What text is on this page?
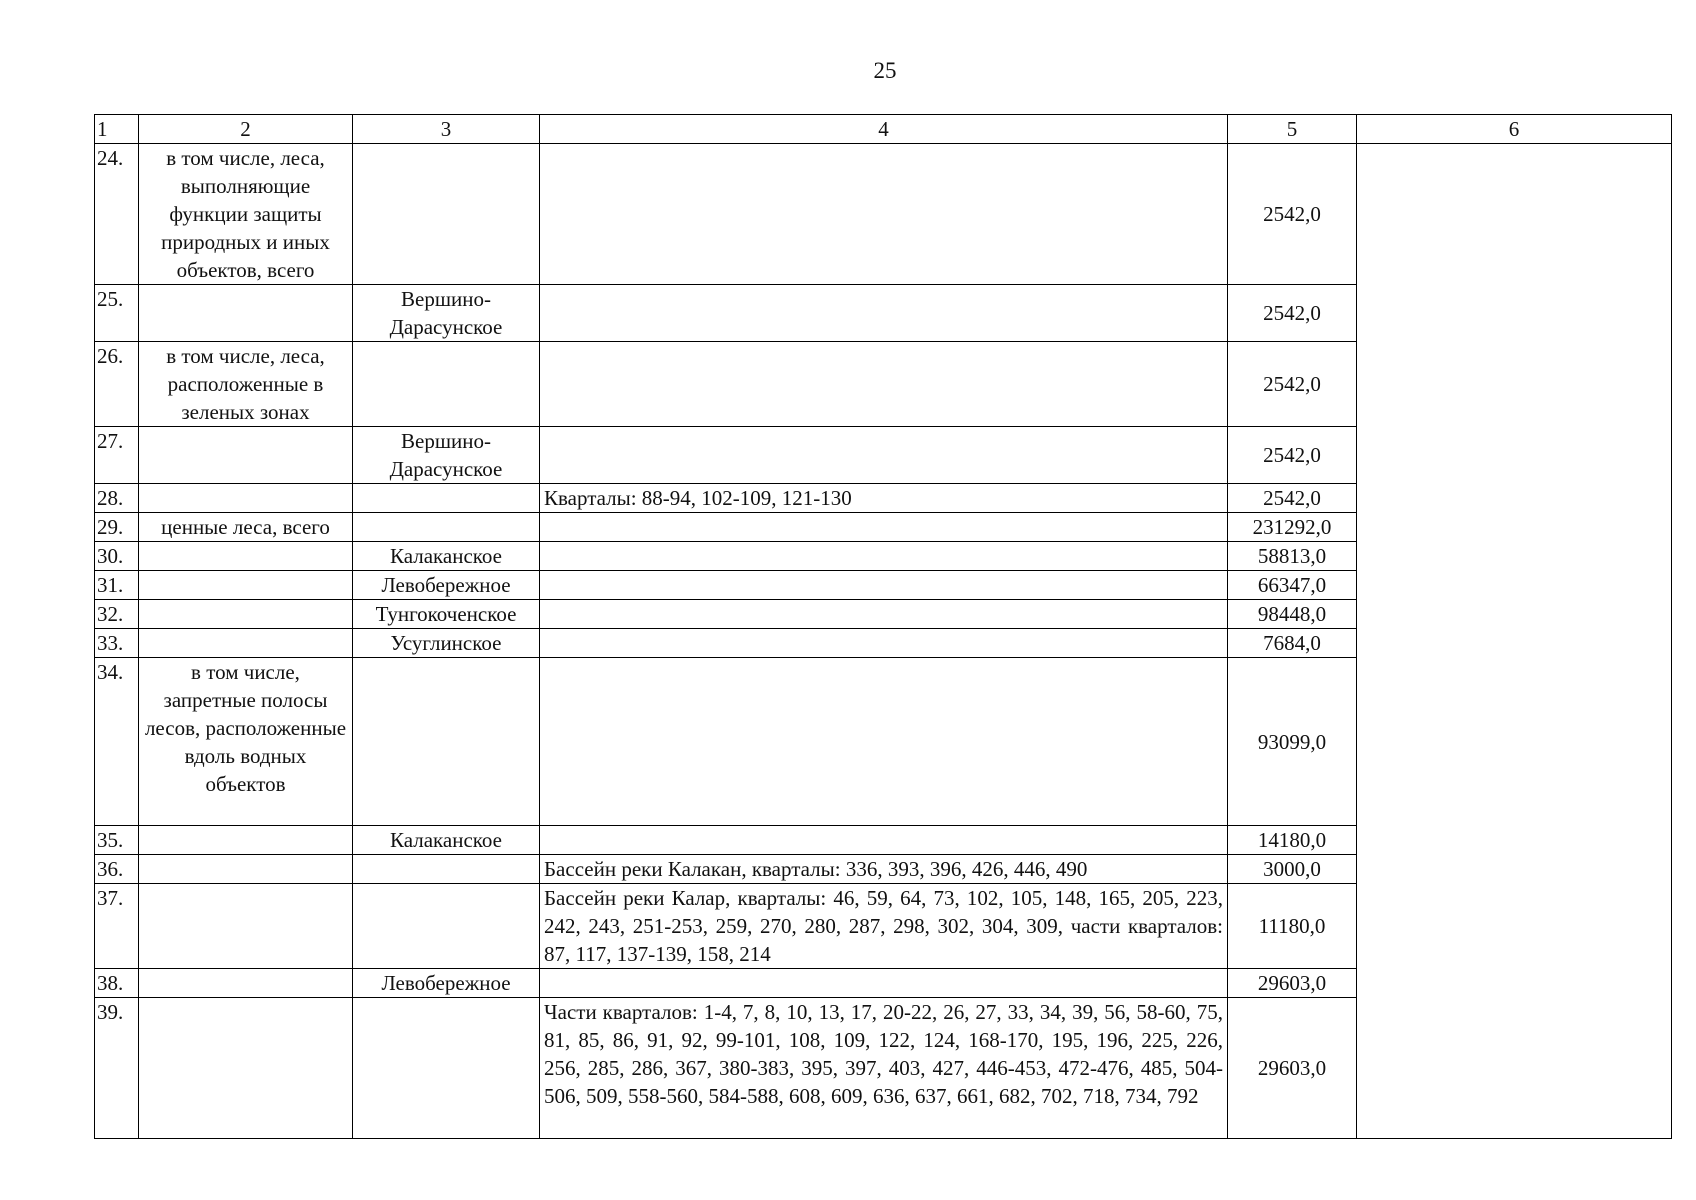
25
1	2	3	4	5	6
24.	в том числе, леса, выполняющие функции защиты природных и иных объектов, всего			2542,0	
25.		Вершино-Дарасунское		2542,0	
26.	в том числе, леса, расположенные в зеленых зонах			2542,0	
27.		Вершино-Дарасунское		2542,0	
28.			Кварталы: 88-94, 102-109, 121-130	2542,0	
29.	ценные леса, всего			231292,0	
30.		Калаканское		58813,0	
31.		Левобережное		66347,0	
32.		Тунгокоченское		98448,0	
33.		Усуглинское		7684,0	
34.	в том числе, запретные полосы лесов, расположенные вдоль водных объектов			93099,0	
35.		Калаканское		14180,0	
36.			Бассейн реки Калакан, кварталы: 336, 393, 396, 426, 446, 490	3000,0	
37.			Бассейн реки Калар, кварталы: 46, 59, 64, 73, 102, 105, 148, 165, 205, 223, 242, 243, 251-253, 259, 270, 280, 287, 298, 302, 304, 309, части кварталов: 87, 117, 137-139, 158, 214	11180,0	
38.		Левобережное		29603,0	
39.			Части кварталов: 1-4, 7, 8, 10, 13, 17, 20-22, 26, 27, 33, 34, 39, 56, 58-60, 75, 81, 85, 86, 91, 92, 99-101, 108, 109, 122, 124, 168-170, 195, 196, 225, 226, 256, 285, 286, 367, 380-383, 395, 397, 403, 427, 446-453, 472-476, 485, 504-506, 509, 558-560, 584-588, 608, 609, 636, 637, 661, 682, 702, 718, 734, 792	29603,0	
